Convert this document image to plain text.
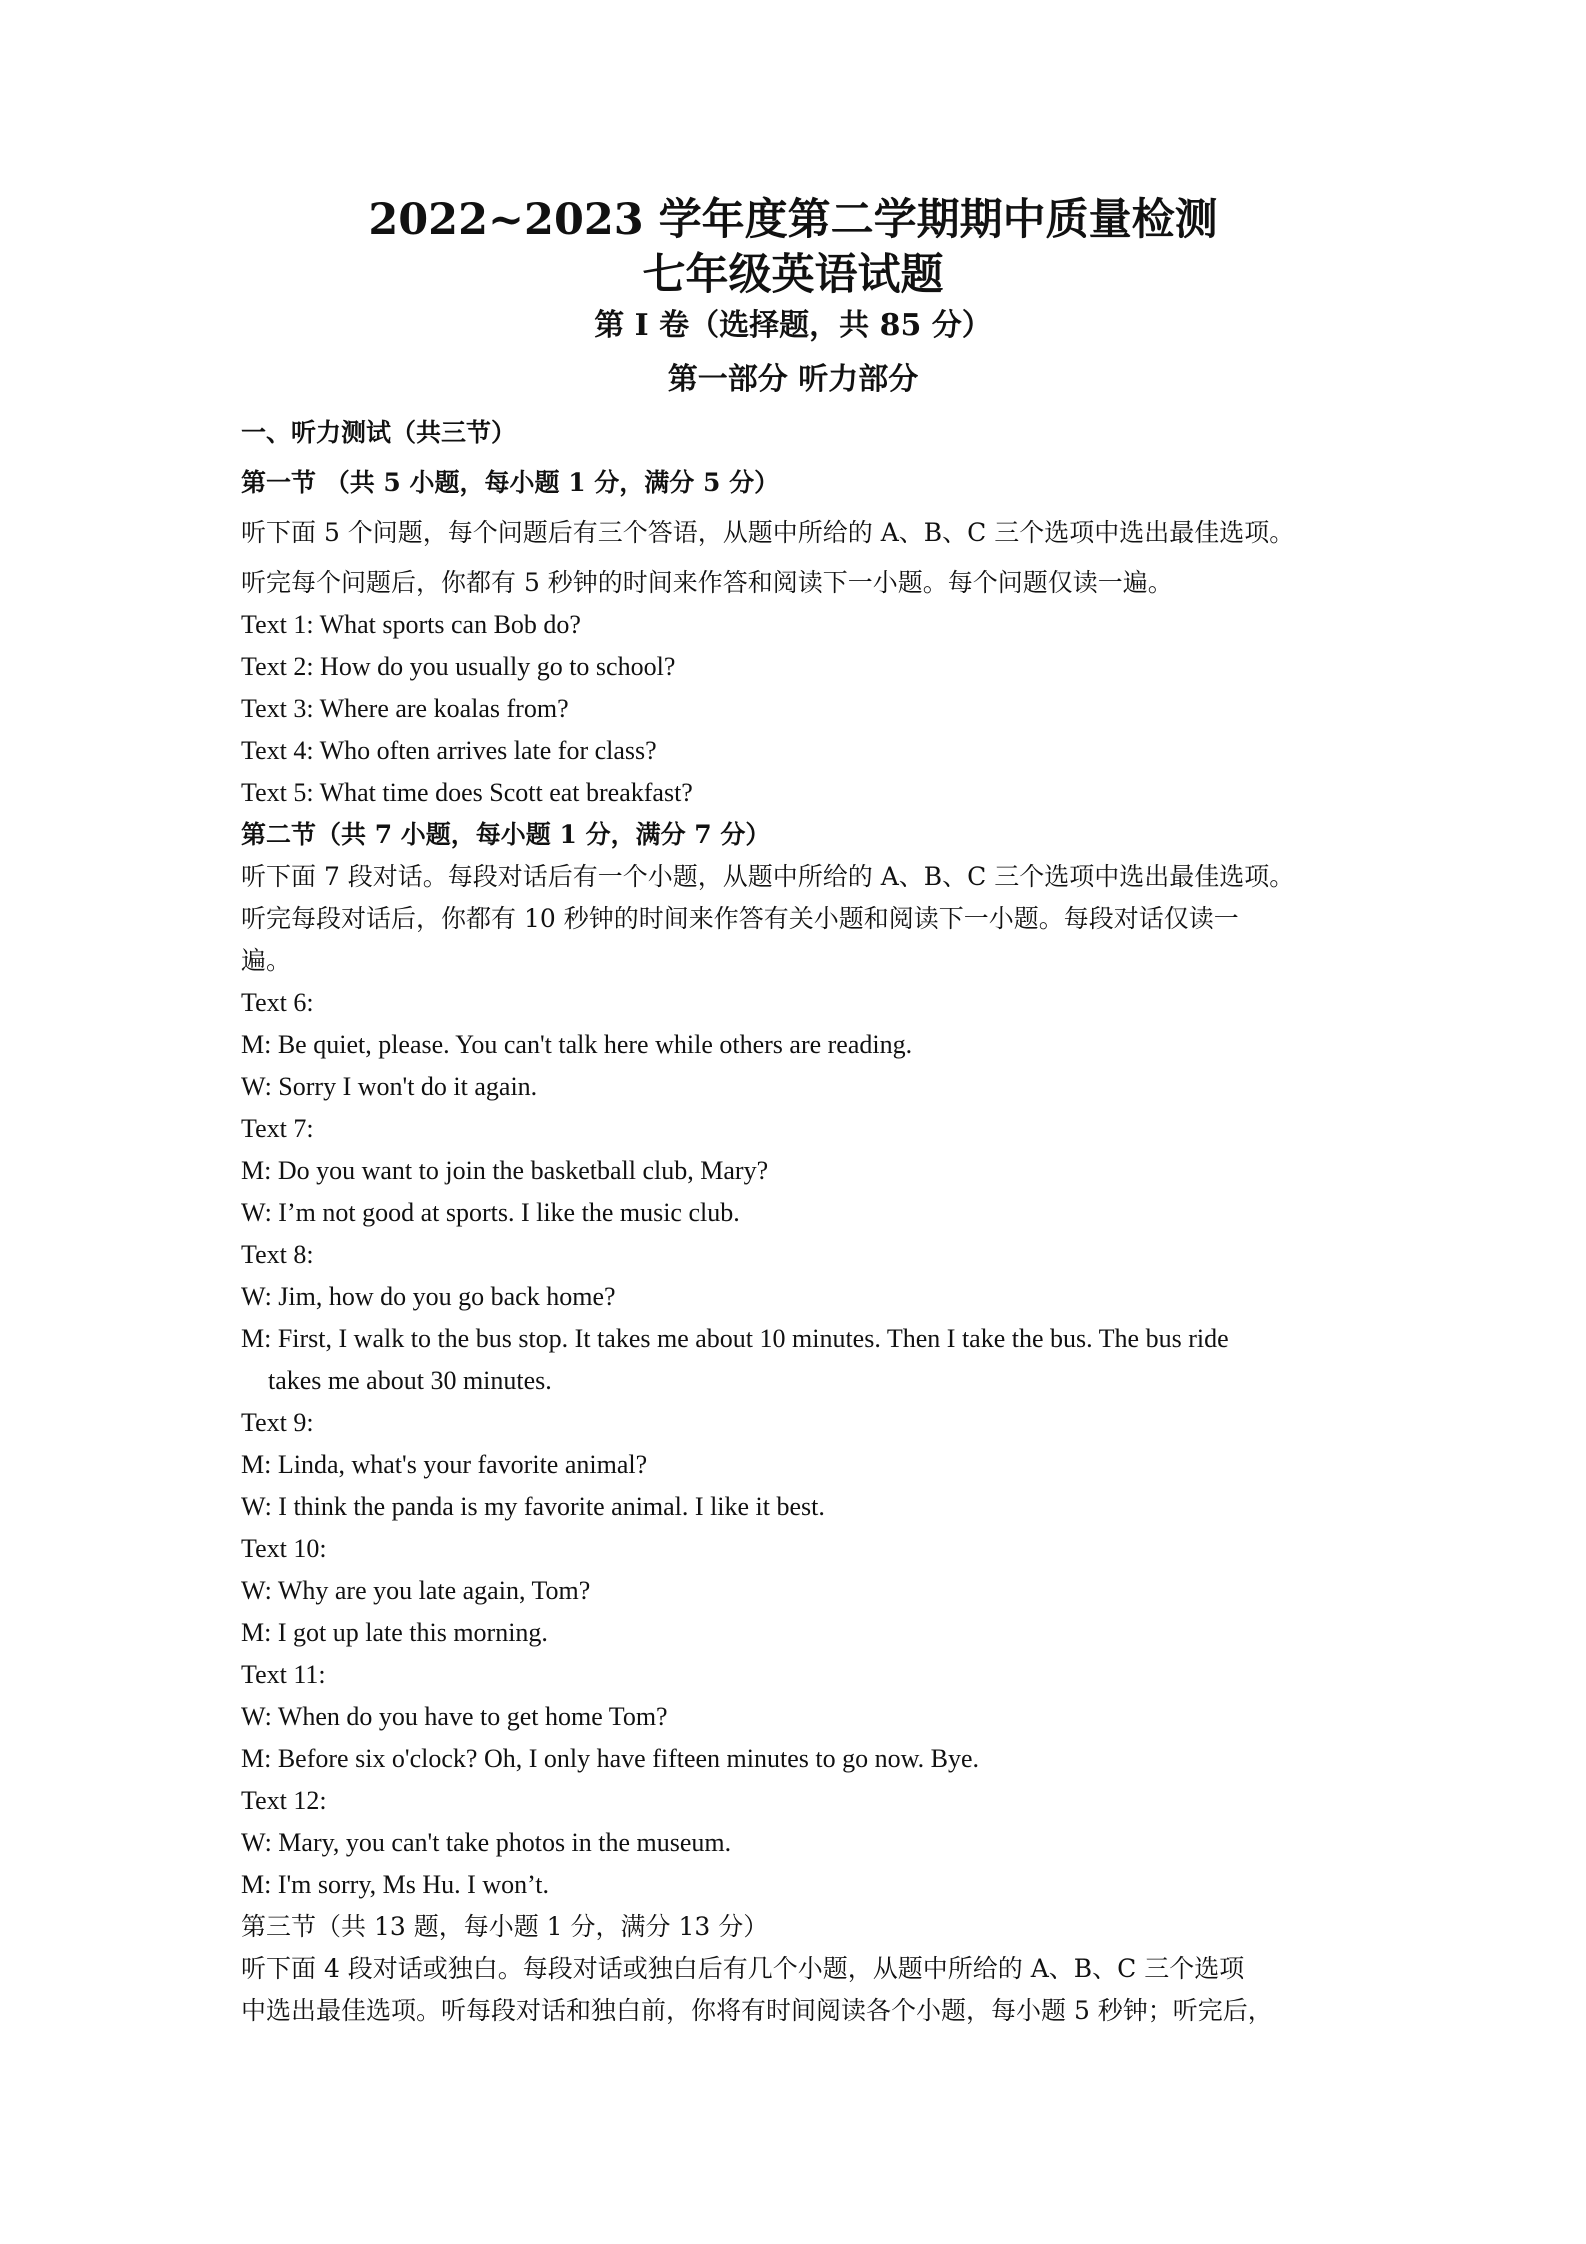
2022~2023 学年度第二学期期中质量检测
七年级英语试题
第 I 卷（选择题，共 85 分）
第一部分 听力部分
一、听力测试（共三节）
第一节 （共 5 小题，每小题 1 分，满分 5 分）
听下面 5 个问题，每个问题后有三个答语，从题中所给的 A、B、C 三个选项中选出最佳选项。
听完每个问题后，你都有 5 秒钟的时间来作答和阅读下一小题。每个问题仅读一遍。
Text 1: What sports can Bob do?
Text 2: How do you usually go to school?
Text 3: Where are koalas from?
Text 4: Who often arrives late for class?
Text 5: What time does Scott eat breakfast?
第二节（共 7 小题，每小题 1 分，满分 7 分）
听下面 7 段对话。每段对话后有一个小题，从题中所给的 A、B、C 三个选项中选出最佳选项。
听完每段对话后，你都有 10 秒钟的时间来作答有关小题和阅读下一小题。每段对话仅读一
遍。
Text 6:
M: Be quiet, please. You can't talk here while others are reading.
W: Sorry I won't do it again.
Text 7:
M: Do you want to join the basketball club, Mary?
W: I’m not good at sports. I like the music club.
Text 8:
W: Jim, how do you go back home?
M: First, I walk to the bus stop. It takes me about 10 minutes. Then I take the bus. The bus ride
takes me about 30 minutes.
Text 9:
M: Linda, what's your favorite animal?
W: I think the panda is my favorite animal. I like it best.
Text 10:
W: Why are you late again, Tom?
M: I got up late this morning.
Text 11:
W: When do you have to get home Tom?
M: Before six o'clock? Oh, I only have fifteen minutes to go now. Bye.
Text 12:
W: Mary, you can't take photos in the museum.
M: I'm sorry, Ms Hu. I won’t.
第三节（共 13 题，每小题 1 分，满分 13 分）
听下面 4 段对话或独白。每段对话或独白后有几个小题，从题中所给的 A、B、C 三个选项
中选出最佳选项。听每段对话和独白前，你将有时间阅读各个小题，每小题 5 秒钟；听完后，
